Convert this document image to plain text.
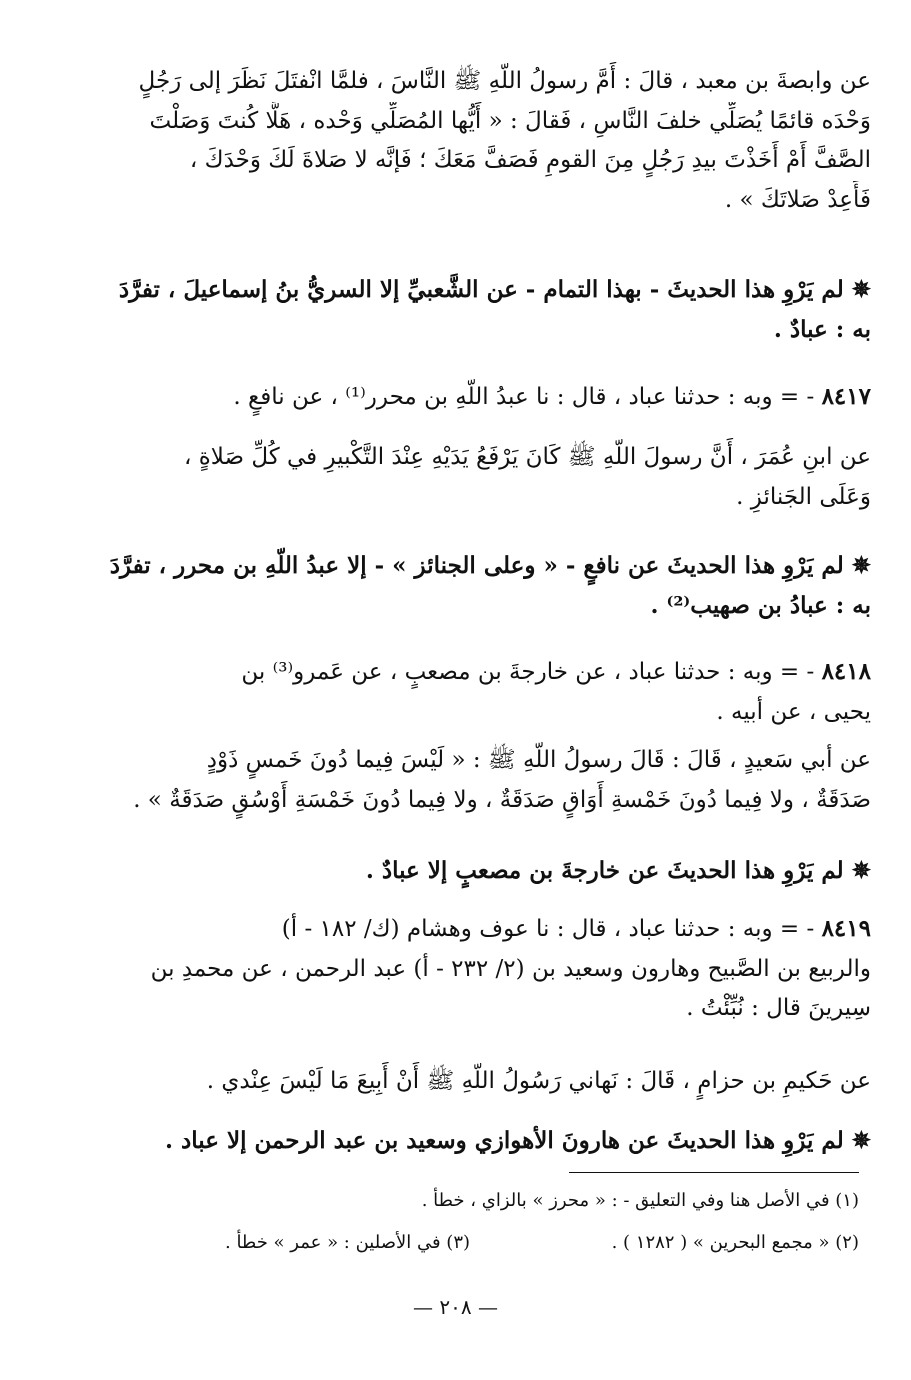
عن وابصةَ بن معبد ، قالَ : أَمَّ رسولُ اللّهِ ﷺ النَّاسَ ، فلمَّا انْفتَلَ نَظَرَ إلى رَجُلٍ
وَحْدَه قائمًا يُصَلِّي خلفَ النَّاسِ ، فَقالَ : « أَيُّها المُصَلِّي وَحْده ، هَلَّا كُنتَ وَصَلْتَ
الصَّفَّ أَمْ أَخَذْتَ بيدِ رَجُلٍ مِنَ القومِ فَصَفَّ مَعَكَ ؛ فَإنَّه لا صَلاةَ لَكَ وَحْدَكَ ،
فَأَعِدْ صَلاتَكَ » .
✵ لم يَرْوِ هذا الحديثَ - بهذا التمام - عن الشَّعبيِّ إلا السريُّ بنُ إسماعيلَ ، تفرَّدَ
به : عبادٌ .
٨٤١٧ - = وبه : حدثنا عباد ، قال : نا عبدُ اللّهِ بن محرر⁽¹⁾ ، عن نافعٍ .
عن ابنِ عُمَرَ ، أَنَّ رسولَ اللّهِ ﷺ كَانَ يَرْفَعُ يَدَيْهِ عِنْدَ التَّكْبيرِ في كُلِّ صَلاةٍ ،
وَعَلَى الجَنائزِ .
✵ لم يَرْوِ هذا الحديثَ عن نافعٍ - « وعلى الجنائز » - إلا عبدُ اللّهِ بن محرر ، تفرَّدَ
به : عبادُ بن صهيب⁽²⁾ .
٨٤١٨ - = وبه : حدثنا عباد ، عن خارجةَ بن مصعبٍ ، عن عَمرو⁽³⁾ بن
يحيى ، عن أبيه .
عن أبي سَعيدٍ ، قَالَ : قَالَ رسولُ اللّهِ ﷺ : « لَيْسَ فِيما دُونَ خَمسٍ ذَوْدٍ
صَدَقَةٌ ، ولا فِيما دُونَ خَمْسةِ أَوَاقٍ صَدَقَةٌ ، ولا فِيما دُونَ خَمْسَةِ أَوْسُقٍ صَدَقَةٌ » .
✵ لم يَرْوِ هذا الحديثَ عن خارجةَ بن مصعبٍ إلا عبادٌ .
٨٤١٩ - = وبه : حدثنا عباد ، قال : نا عوف وهشام (ك/ ١٨٢ - أ)
والربيع بن الصَّبيح وهارون وسعيد بن (٢/ ٢٣٢ - أ) عبد الرحمن ، عن محمدِ بن
سِيرينَ قال : نُبِّئْتُ .
عن حَكيمِ بن حزامٍ ، قَالَ : نَهاني رَسُولُ اللّهِ ﷺ أَنْ أَبِيعَ مَا لَيْسَ عِنْدي .
✵ لم يَرْوِ هذا الحديثَ عن هارونَ الأهوازي وسعيد بن عبد الرحمن إلا عباد .
(١) في الأصل هنا وفي التعليق - : « محرز » بالزاي ، خطأ .
(٢) « مجمع البحرين » ( ١٢٨٢ ) .
(٣) في الأصلين : « عمر » خطأ .
— ٢٠٨ —
